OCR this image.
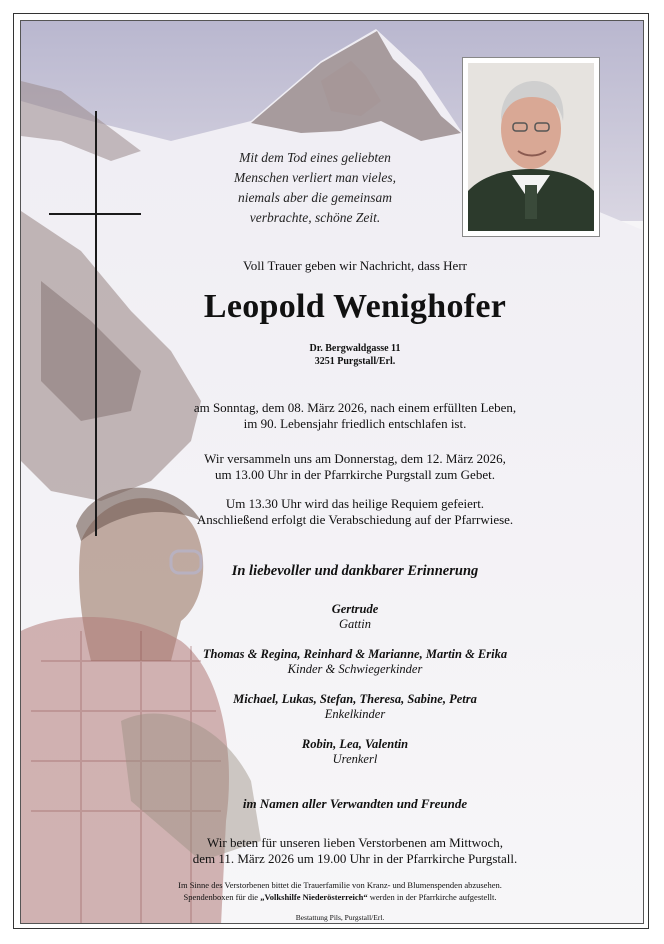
Mit dem Tod eines geliebten
Menschen verliert man vieles,
niemals aber die gemeinsam
verbrachte, schöne Zeit.
Voll Trauer geben wir Nachricht, dass Herr
Leopold Wenighofer
Dr. Bergwaldgasse 11
3251 Purgstall/Erl.
am Sonntag, dem 08. März 2026, nach einem erfüllten Leben,
im 90. Lebensjahr friedlich entschlafen ist.
Wir versammeln uns am Donnerstag, dem 12. März 2026,
um 13.00 Uhr in der Pfarrkirche Purgstall zum Gebet.
Um 13.30 Uhr wird das heilige Requiem gefeiert.
Anschließend erfolgt die Verabschiedung auf der Pfarrwiese.
In liebevoller und dankbarer Erinnerung
Gertrude
Gattin
Thomas & Regina, Reinhard & Marianne, Martin & Erika
Kinder & Schwiegerkinder
Michael, Lukas, Stefan, Theresa, Sabine, Petra
Enkelkinder
Robin, Lea, Valentin
Urenkerl
im Namen aller Verwandten und Freunde
Wir beten für unseren lieben Verstorbenen am Mittwoch,
dem 11. März 2026 um 19.00 Uhr in der Pfarrkirche Purgstall.
Im Sinne des Verstorbenen bittet die Trauerfamilie von Kranz- und Blumenspenden abzusehen.
Spendenboxen für die „Volkshilfe Niederösterreich“ werden in der Pfarrkirche aufgestellt.
Bestattung Pils, Purgstall/Erl.
